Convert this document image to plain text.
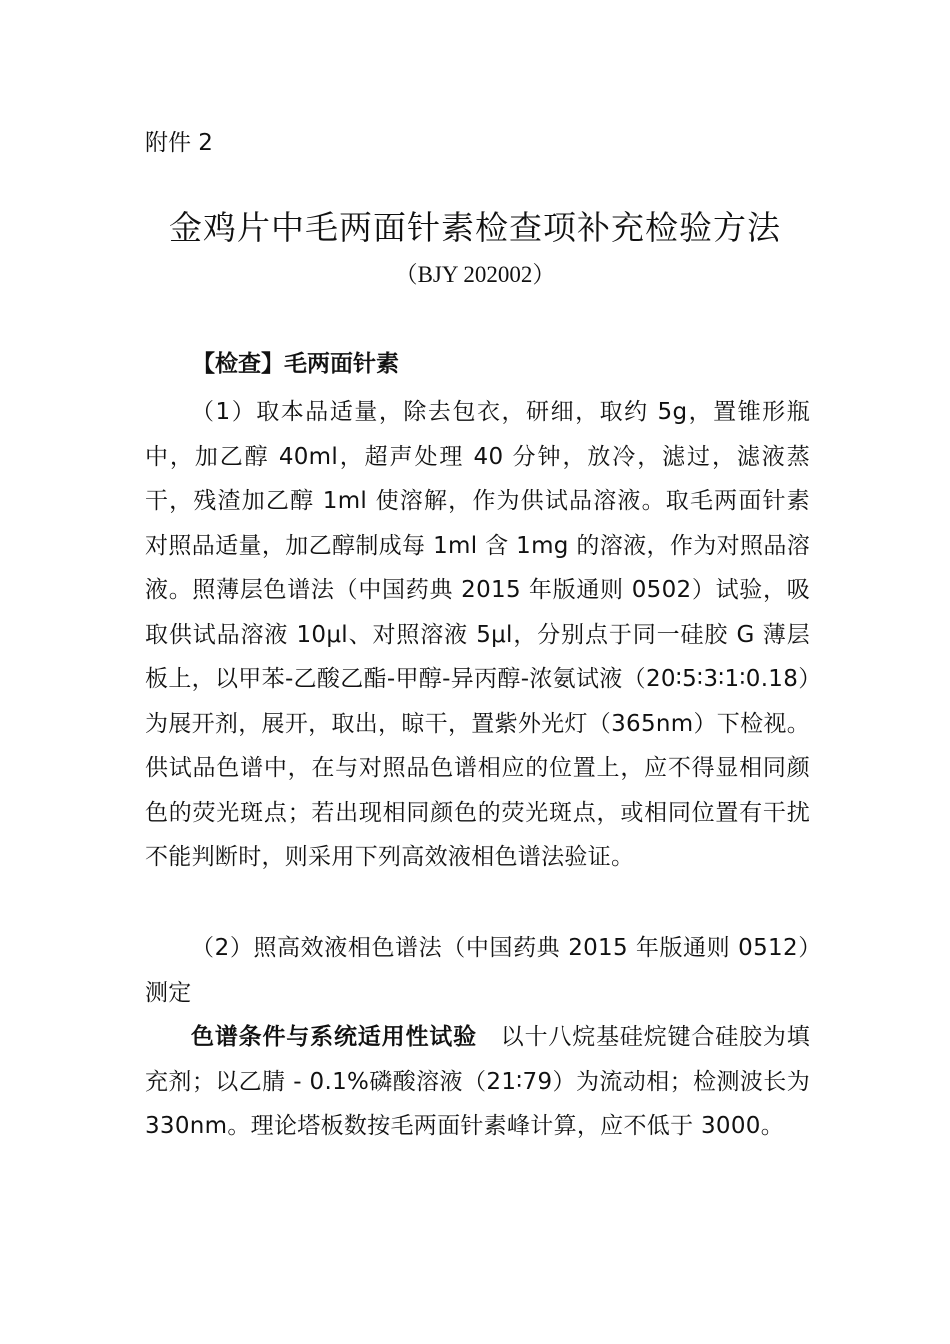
附件 2
金鸡片中毛两面针素检查项补充检验方法
（BJY 202002）
【检查】毛两面针素
（1）取本品适量，除去包衣，研细，取约 5g，置锥形瓶中，加乙醇 40ml，超声处理 40 分钟，放冷，滤过，滤液蒸干，残渣加乙醇 1ml 使溶解，作为供试品溶液。取毛两面针素对照品适量，加乙醇制成每 1ml 含 1mg 的溶液，作为对照品溶液。照薄层色谱法（中国药典 2015 年版通则 0502）试验，吸取供试品溶液 10μl、对照溶液 5μl，分别点于同一硅胶 G 薄层板上，以甲苯-乙酸乙酯-甲醇-异丙醇-浓氨试液（20∶5∶3∶1∶0.18）为展开剂，展开，取出，晾干，置紫外光灯（365nm）下检视。供试品色谱中，在与对照品色谱相应的位置上，应不得显相同颜色的荧光斑点；若出现相同颜色的荧光斑点，或相同位置有干扰不能判断时，则采用下列高效液相色谱法验证。
（2）照高效液相色谱法（中国药典 2015 年版通则 0512）测定
色谱条件与系统适用性试验  以十八烷基硅烷键合硅胶为填充剂；以乙腈 - 0.1%磷酸溶液（21∶79）为流动相；检测波长为 330nm。理论塔板数按毛两面针素峰计算，应不低于 3000。
